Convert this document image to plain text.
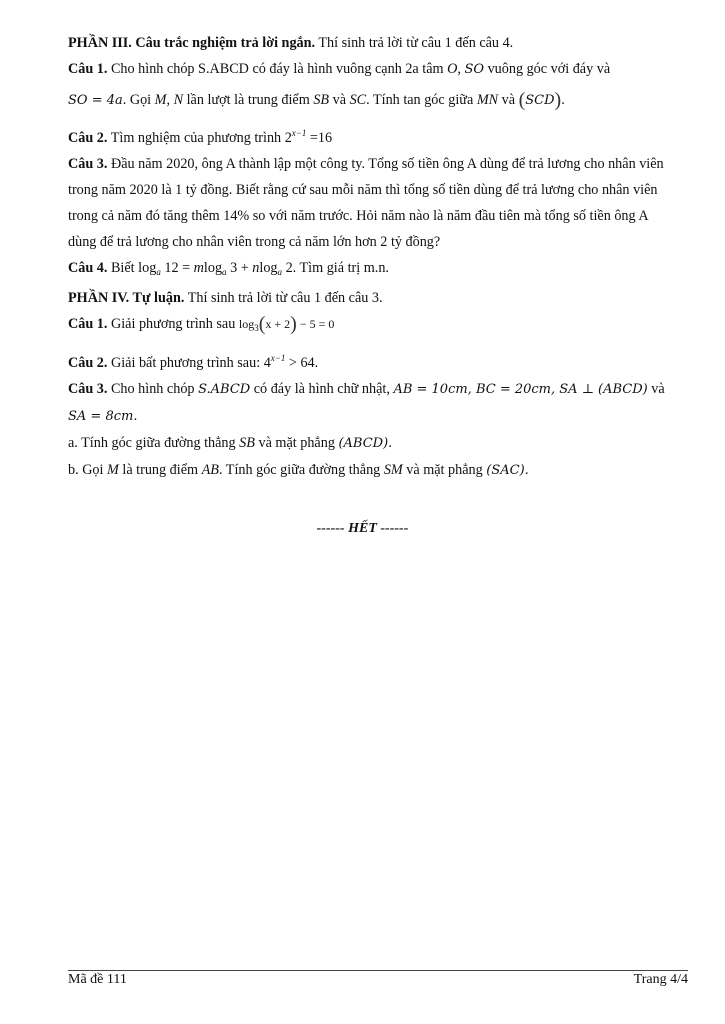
PHẦN III. Câu trắc nghiệm trả lời ngắn. Thí sinh trả lời từ câu 1 đến câu 4.
Câu 1. Cho hình chóp S.ABCD có đáy là hình vuông cạnh 2a tâm O, SO vuông góc với đáy và
SO = 4a. Gọi M, N lần lượt là trung điểm SB và SC. Tính tan góc giữa MN và (SCD).
Câu 2. Tìm nghiệm của phương trình $2^{x-1} =16$
Câu 3. Đầu năm 2020, ông A thành lập một công ty. Tổng số tiền ông A dùng để trả lương cho nhân viên
trong năm 2020 là 1 tỷ đồng. Biết rằng cứ sau mỗi năm thì tổng số tiền dùng để trả lương cho nhân viên
trong cả năm đó tăng thêm 14% so với năm trước. Hỏi năm nào là năm đầu tiên mà tổng số tiền ông A
dùng để trả lương cho nhân viên trong cả năm lớn hơn 2 tỷ đồng?
Câu 4. Biết $\log_a 12 = mlog_a$ 3 + nlog$_a$ 2. Tìm giá trị m.n.
PHẦN IV. Tự luận. Thí sinh trả lời từ câu 1 đến câu 3.
Câu 1. Giải phương trình sau $\log_3(x + 2) - 5 = 0$
Câu 2. Giải bất phương trình sau: $4^{x-1} > 64$.
Câu 3. Cho hình chóp S.ABCD có đáy là hình chữ nhật, AB = 10cm, BC = 20cm, SA ⊥ (ABCD) và
SA = 8cm.
a. Tính góc giữa đường thẳng SB và mặt phẳng (ABCD).
b. Gọi M là trung điểm AB. Tính góc giữa đường thẳng SM và mặt phẳng (SAC).
------ HẾT ------
Mã đề 111	Trang 4/4
